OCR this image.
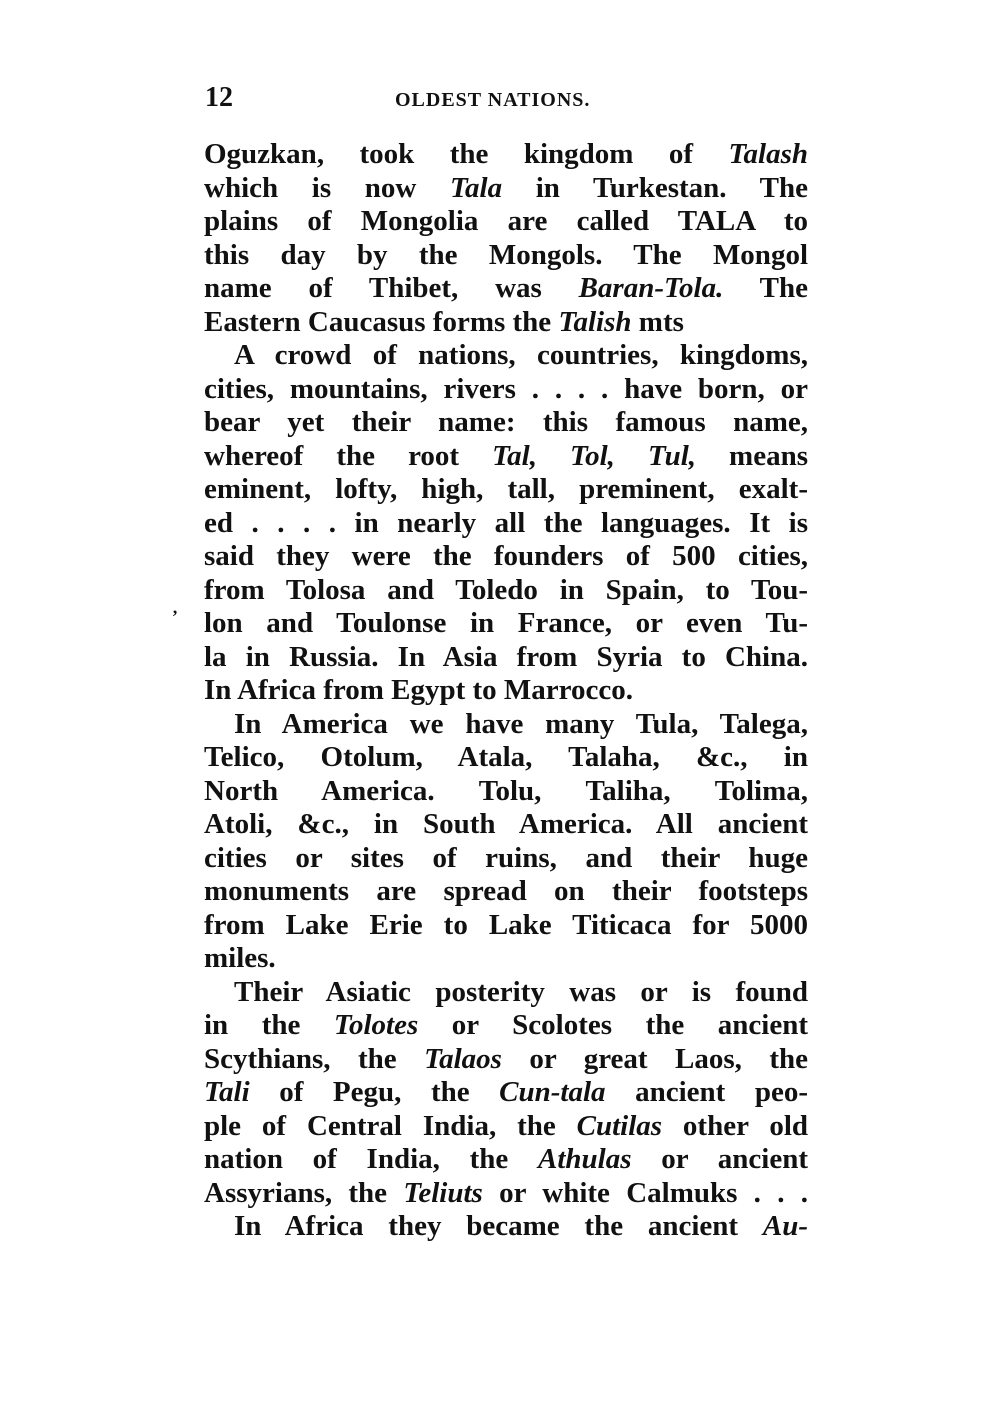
12	OLDEST NATIONS.
‚
Oguzkan, took the kingdom of Talash
which is now Tala in Turkestan. The
plains of Mongolia are called TALA to
this day by the Mongols. The Mongol
name of Thibet, was Baran-Tola. The
Eastern Caucasus forms the Talish mts
A crowd of nations, countries, kingdoms,
cities, mountains, rivers . . . . have born, or
bear yet their name: this famous name,
whereof the root Tal, Tol, Tul, means
eminent, lofty, high, tall, preminent, exalt-
ed . . . . in nearly all the languages. It is
said they were the founders of 500 cities,
from Tolosa and Toledo in Spain, to Tou-
lon and Toulonse in France, or even Tu-
la in Russia. In Asia from Syria to China.
In Africa from Egypt to Marrocco.
In America we have many Tula, Talega,
Telico, Otolum, Atala, Talaha, &c., in
North America. Tolu, Taliha, Tolima,
Atoli, &c., in South America. All ancient
cities or sites of ruins, and their huge
monuments are spread on their footsteps
from Lake Erie to Lake Titicaca for 5000
miles.
Their Asiatic posterity was or is found
in the Tolotes or Scolotes the ancient
Scythians, the Talaos or great Laos, the
Tali of Pegu, the Cun-tala ancient peo-
ple of Central India, the Cutilas other old
nation of India, the Athulas or ancient
Assyrians, the Teliuts or white Calmuks . . .
In Africa they became the ancient Au-
